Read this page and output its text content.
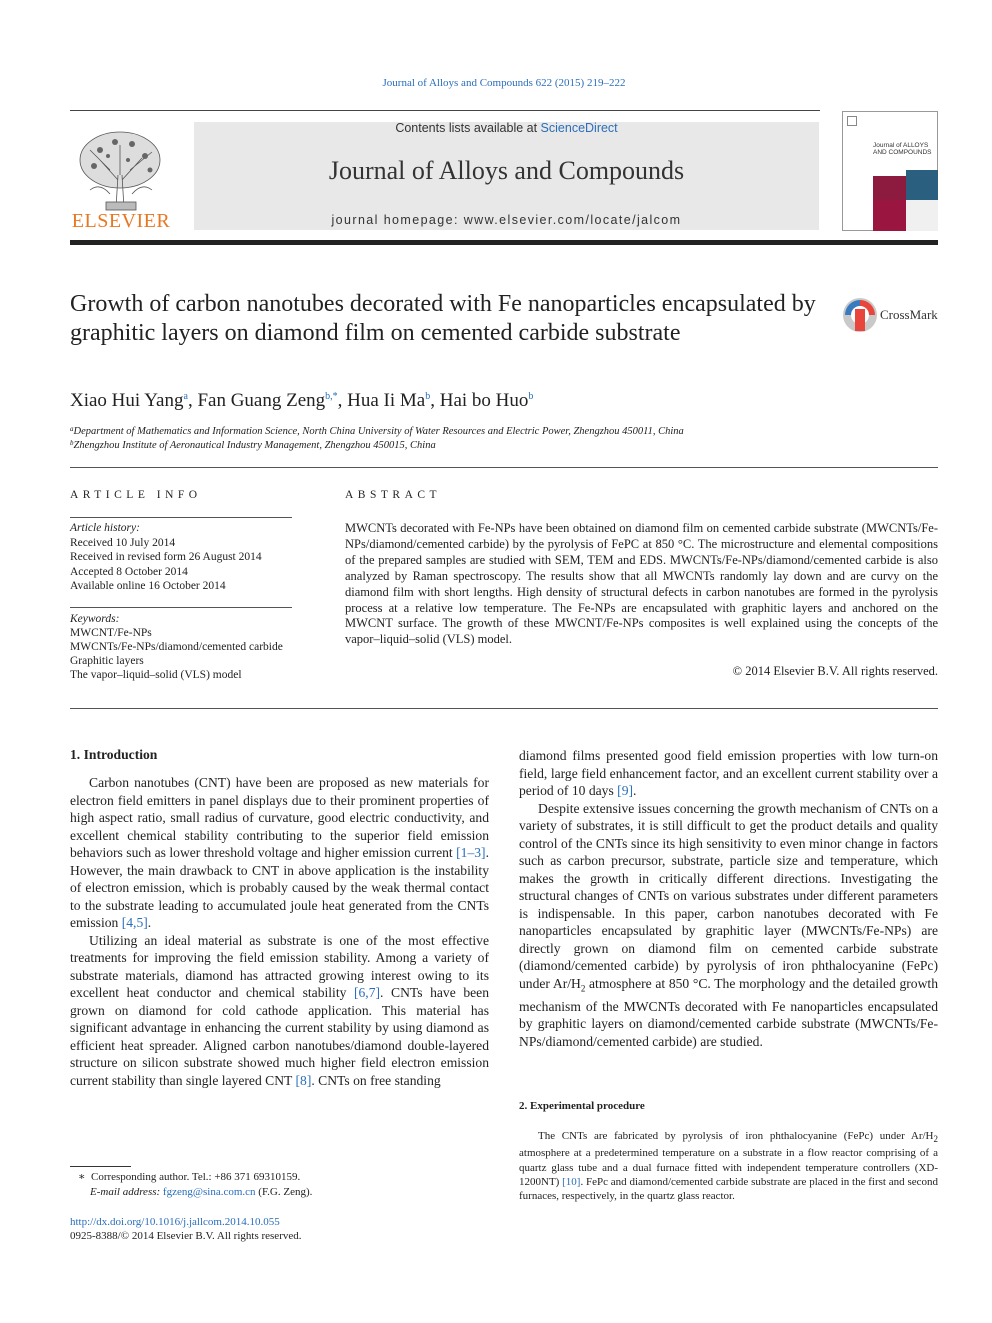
Journal of Alloys and Compounds 622 (2015) 219–222
ELSEVIER
Contents lists available at ScienceDirect
Journal of Alloys and Compounds
journal homepage: www.elsevier.com/locate/jalcom
Journal of ALLOYS AND COMPOUNDS
Growth of carbon nanotubes decorated with Fe nanoparticles encapsulated by graphitic layers on diamond film on cemented carbide substrate
CrossMark
Xiao Hui Yang$^a$, Fan Guang Zeng$^{b,*}$, Hua Ii Ma$^b$, Hai bo Huo$^b$
$^a$Department of Mathematics and Information Science, North China University of Water Resources and Electric Power, Zhengzhou 450011, China
$^b$Zhengzhou Institute of Aeronautical Industry Management, Zhengzhou 450015, China
ARTICLE INFO	ABSTRACT
Article history:
Received 10 July 2014
Received in revised form 26 August 2014
Accepted 8 October 2014
Available online 16 October 2014
Keywords:
MWCNT/Fe-NPs
MWCNTs/Fe-NPs/diamond/cemented carbide
Graphitic layers
The vapor–liquid–solid (VLS) model
MWCNTs decorated with Fe-NPs have been obtained on diamond film on cemented carbide substrate (MWCNTs/Fe-NPs/diamond/cemented carbide) by the pyrolysis of FePC at 850 °C. The microstructure and elemental compositions of the prepared samples are studied with SEM, TEM and EDS. MWCNTs/Fe-NPs/diamond/cemented carbide is also analyzed by Raman spectroscopy. The results show that all MWCNTs randomly lay down and are curvy on the diamond film with short lengths. High density of structural defects in carbon nanotubes are formed in the pyrolysis process at a relative low temperature. The Fe-NPs are encapsulated with graphitic layers and anchored on the MWCNT surface. The growth of these MWCNT/Fe-NPs composites is well explained using the concepts of the vapor–liquid–solid (VLS) model.
© 2014 Elsevier B.V. All rights reserved.
1. Introduction

Carbon nanotubes (CNT) have been are proposed as new materials for electron field emitters in panel displays due to their prominent properties of high aspect ratio, small radius of curvature, good electric conductivity, and excellent chemical stability contributing to the superior field emission behaviors such as lower threshold voltage and higher emission current [1–3]. However, the main drawback to CNT in above application is the instability of electron emission, which is probably caused by the weak thermal contact to the substrate leading to accumulated joule heat generated from the CNTs emission [4,5].

Utilizing an ideal material as substrate is one of the most effective treatments for improving the field emission stability. Among a variety of substrate materials, diamond has attracted growing interest owing to its excellent heat conductor and chemical stability [6,7]. CNTs have been grown on diamond for cold cathode application. This material has significant advantage in enhancing the current stability by using diamond as efficient heat spreader. Aligned carbon nanotubes/diamond double-layered structure on silicon substrate showed much higher field electron emission current stability than single layered CNT [8]. CNTs on free standing

diamond films presented good field emission properties with low turn-on field, large field enhancement factor, and an excellent current stability over a period of 10 days [9].

Despite extensive issues concerning the growth mechanism of CNTs on a variety of substrates, it is still difficult to get the product details and quality control of the CNTs since its high sensitivity to even minor change in factors such as carbon precursor, substrate, particle size and temperature, which makes the growth in critically different directions. Investigating the structural changes of CNTs on various substrates under different parameters is indispensable. In this paper, carbon nanotubes decorated with Fe nanoparticles encapsulated by graphitic layer (MWCNTs/Fe-NPs) are directly grown on diamond film on cemented carbide substrate (diamond/cemented carbide) by pyrolysis of iron phthalocyanine (FePc) under $Ar/H_2$ atmosphere at 850 °C. The morphology and the detailed growth mechanism of the MWCNTs decorated with Fe nanoparticles encapsulated by graphitic layers on diamond/cemented carbide substrate (MWCNTs/Fe-NPs/diamond/cemented carbide) are studied.

2. Experimental procedure

The CNTs are fabricated by pyrolysis of iron phthalocyanine (FePc) under $Ar/H_2$ atmosphere at a predetermined temperature on a substrate in a flow reactor comprising of a quartz glass tube and a dual furnace fitted with independent temperature controllers (XD-1200NT) [10]. FePc and diamond/cemented carbide substrate are placed in the first and second furnaces, respectively, in the quartz glass reactor.

∗  Corresponding author. Tel.: +86 371 69310159.
E-mail address: fgzeng@sina.com.cn (F.G. Zeng).
http://dx.doi.org/10.1016/j.jallcom.2014.10.055
0925-8388/© 2014 Elsevier B.V. All rights reserved.
